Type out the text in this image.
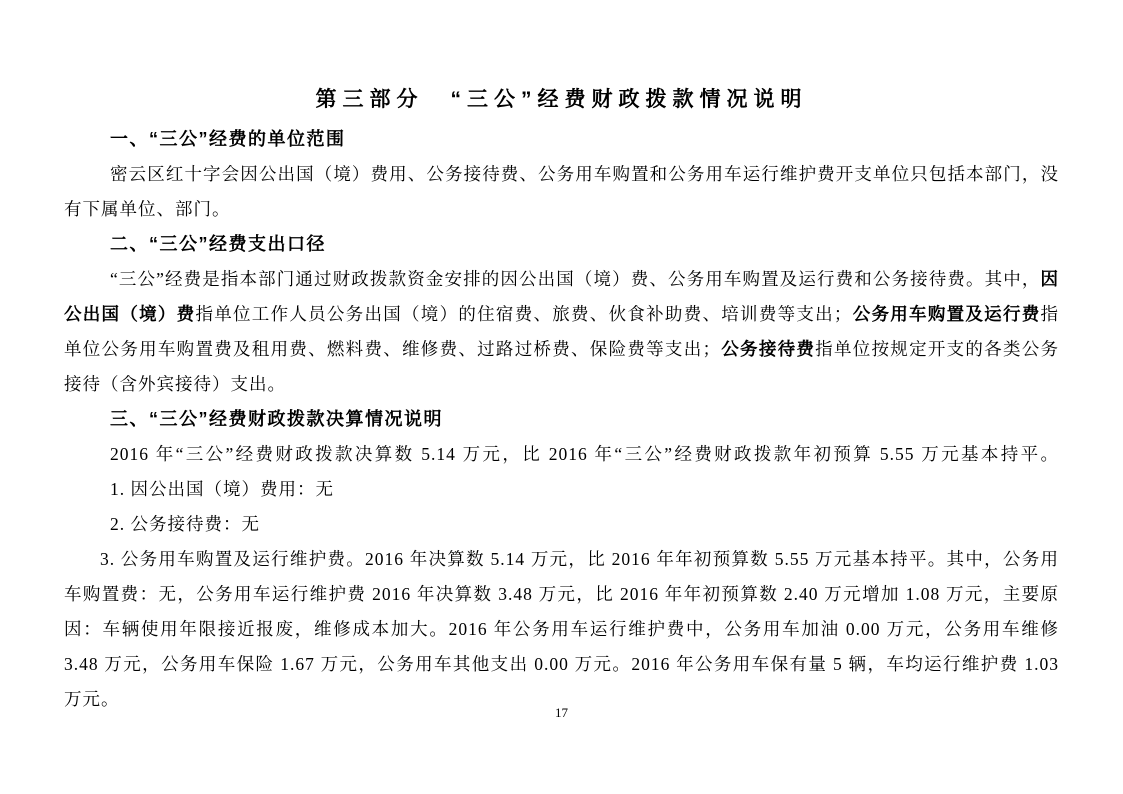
第三部分　“三公”经费财政拨款情况说明
一、“三公”经费的单位范围

密云区红十字会因公出国（境）费用、公务接待费、公务用车购置和公务用车运行维护费开支单位只包括本部门，没有下属单位、部门。

二、“三公”经费支出口径

“三公”经费是指本部门通过财政拨款资金安排的因公出国（境）费、公务用车购置及运行费和公务接待费。其中，因公出国（境）费指单位工作人员公务出国（境）的住宿费、旅费、伙食补助费、培训费等支出；公务用车购置及运行费指单位公务用车购置费及租用费、燃料费、维修费、过路过桥费、保险费等支出；公务接待费指单位按规定开支的各类公务接待（含外宾接待）支出。

三、“三公”经费财政拨款决算情况说明

2016 年“三公”经费财政拨款决算数 5.14 万元，比 2016 年“三公”经费财政拨款年初预算 5.55 万元基本持平。

1. 因公出国（境）费用：无

2. 公务接待费：无

3. 公务用车购置及运行维护费。2016 年决算数 5.14 万元，比 2016 年年初预算数 5.55 万元基本持平。其中，公务用车购置费：无，公务用车运行维护费 2016 年决算数 3.48 万元，比 2016 年年初预算数 2.40 万元增加 1.08 万元，主要原因：车辆使用年限接近报废，维修成本加大。2016 年公务用车运行维护费中，公务用车加油 0.00 万元，公务用车维修 3.48 万元，公务用车保险 1.67 万元，公务用车其他支出 0.00 万元。2016 年公务用车保有量 5 辆，车均运行维护费 1.03 万元。

17
